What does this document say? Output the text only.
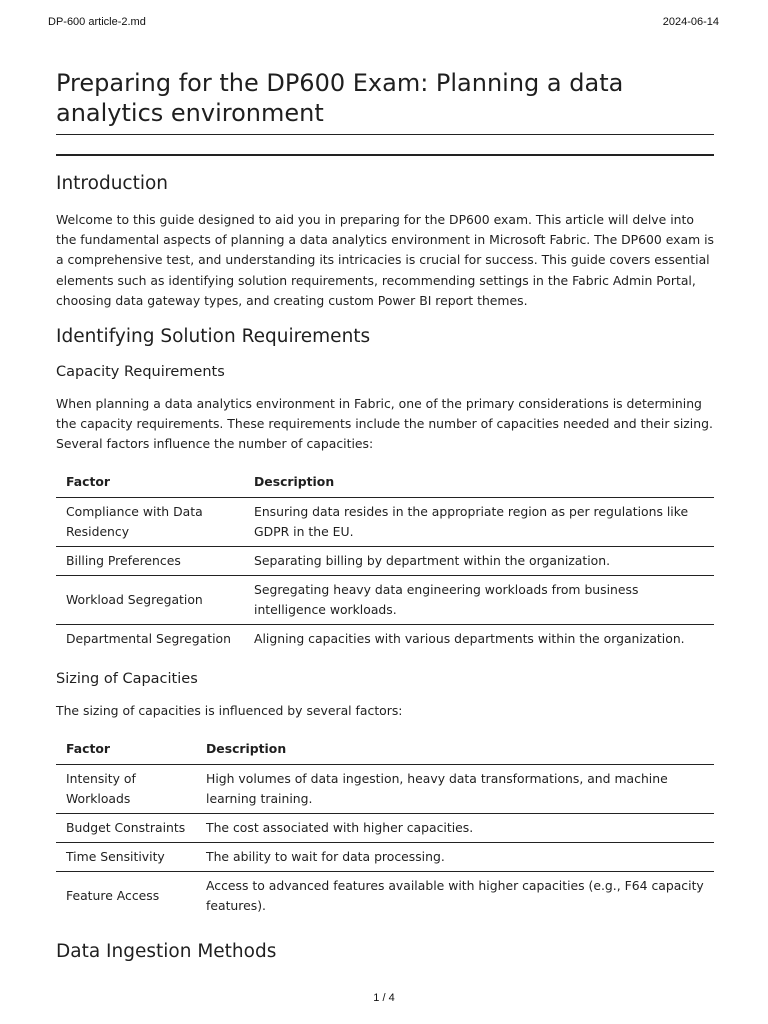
DP-600 article-2.md	2024-06-14
Preparing for the DP600 Exam: Planning a data analytics environment
Introduction

Welcome to this guide designed to aid you in preparing for the DP600 exam. This article will delve into the fundamental aspects of planning a data analytics environment in Microsoft Fabric. The DP600 exam is a comprehensive test, and understanding its intricacies is crucial for success. This guide covers essential elements such as identifying solution requirements, recommending settings in the Fabric Admin Portal, choosing data gateway types, and creating custom Power BI report themes.

Identifying Solution Requirements
Capacity Requirements

When planning a data analytics environment in Fabric, one of the primary considerations is determining the capacity requirements. These requirements include the number of capacities needed and their sizing. Several factors influence the number of capacities:

Factor	Description
Compliance with Data Residency	Ensuring data resides in the appropriate region as per regulations like GDPR in the EU.
Billing Preferences	Separating billing by department within the organization.
Workload Segregation	Segregating heavy data engineering workloads from business intelligence workloads.
Departmental Segregation	Aligning capacities with various departments within the organization.
Sizing of Capacities

The sizing of capacities is influenced by several factors:

Factor	Description
Intensity of Workloads	High volumes of data ingestion, heavy data transformations, and machine learning training.
Budget Constraints	The cost associated with higher capacities.
Time Sensitivity	The ability to wait for data processing.
Feature Access	Access to advanced features available with higher capacities (e.g., F64 capacity features).
Data Ingestion Methods
1 / 4
